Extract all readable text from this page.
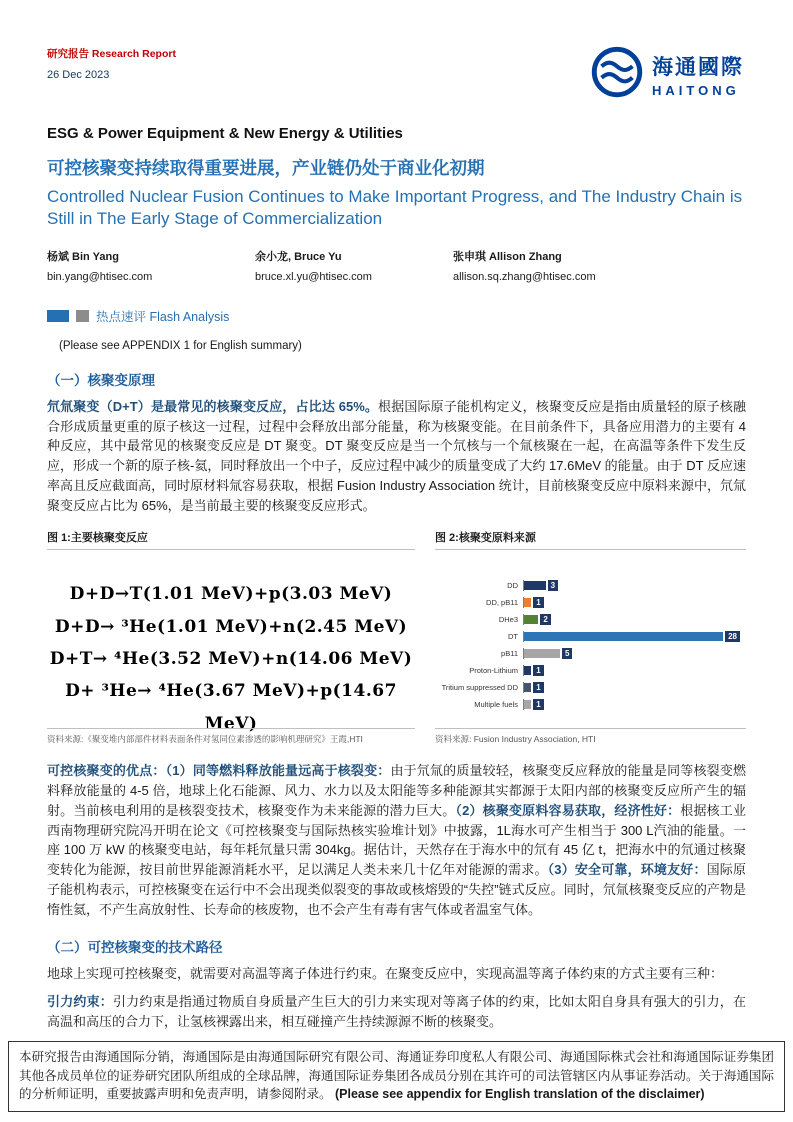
研究报告 Research Report
26 Dec 2023	海通國際
HAITONG
ESG & Power Equipment & New Energy & Utilities
可控核聚变持续取得重要进展，产业链仍处于商业化初期
Controlled Nuclear Fusion Continues to Make Important Progress, and The Industry Chain is Still in The Early Stage of Commercialization
杨斌 Bin Yang
bin.yang@htisec.com
余小龙, Bruce Yu
bruce.xl.yu@htisec.com
张申琪 Allison Zhang
allison.sq.zhang@htisec.com
热点速评 Flash Analysis
(Please see APPENDIX 1 for English summary)
（一）核聚变原理
氘氚聚变（D+T）是最常见的核聚变反应，占比达 65%。根据国际原子能机构定义，核聚变反应是指由质量轻的原子核融合形成质量更重的原子核这一过程，过程中会释放出部分能量，称为核聚变能。在目前条件下，具备应用潜力的主要有 4 种反应，其中最常见的核聚变反应是 DT 聚变。DT 聚变反应是当一个氘核与一个氚核聚在一起，在高温等条件下发生反应，形成一个新的原子核-氦，同时释放出一个中子，反应过程中减少的质量变成了大约 17.6MeV 的能量。由于 DT 反应速率高且反应截面高，同时原材料氚容易获取，根据 Fusion Industry Association 统计，目前核聚变反应中原料来源中，氘氚聚变反应占比为 65%，是当前最主要的核聚变反应形式。
图 1:主要核聚变反应	图 2:核聚变原料来源
D+D→T(1.01 MeV)+p(3.03 MeV)
D+D→ ³He(1.01 MeV)+n(2.45 MeV)
D+T→ ⁴He(3.52 MeV)+n(14.06 MeV)
D+ ³He→ ⁴He(3.67 MeV)+p(14.67 MeV)
DD	3
DD, pB11	1
DHe3	2
DT	28
pB11	5
Proton-Lithium	1
Tritium suppressed DD	1
Multiple fuels	1
资料来源:《聚变堆内部部件材料表面条件对氢同位素渗透的影响机理研究》王霞,HTI	资料来源: Fusion Industry Association, HTI
可控核聚变的优点：（1）同等燃料释放能量远高于核裂变：由于氘氚的质量较轻，核聚变反应释放的能量是同等核裂变燃料释放能量的 4-5 倍，地球上化石能源、风力、水力以及太阳能等多种能源其实都源于太阳内部的核聚变反应所产生的辐射。当前核电利用的是核裂变技术，核聚变作为未来能源的潜力巨大。（2）核聚变原料容易获取，经济性好：根据核工业西南物理研究院冯开明在论文《可控核聚变与国际热核实验堆计划》中披露，1L海水可产生相当于 300 L汽油的能量。一座 100 万 kW 的核聚变电站，每年耗氘量只需 304kg。据估计，天然存在于海水中的氘有 45 亿 t，把海水中的氘通过核聚变转化为能源，按目前世界能源消耗水平，足以满足人类未来几十亿年对能源的需求。（3）安全可靠，环境友好：国际原子能机构表示，可控核聚变在运行中不会出现类似裂变的事故或核熔毁的“失控”链式反应。同时，氘氚核聚变反应的产物是惰性氦，不产生高放射性、长寿命的核废物，也不会产生有毒有害气体或者温室气体。
（二）可控核聚变的技术路径
地球上实现可控核聚变，就需要对高温等离子体进行约束。在聚变反应中，实现高温等离子体约束的方式主要有三种：
引力约束：引力约束是指通过物质自身质量产生巨大的引力来实现对等离子体的约束，比如太阳自身具有强大的引力，在高温和高压的合力下，让氢核裸露出来，相互碰撞产生持续源源不断的核聚变。
本研究报告由海通国际分销，海通国际是由海通国际研究有限公司、海通证券印度私人有限公司、海通国际株式会社和海通国际证券集团其他各成员单位的证券研究团队所组成的全球品牌，海通国际证券集团各成员分别在其许可的司法管辖区内从事证券活动。关于海通国际的分析师证明，重要披露声明和免责声明，请参阅附录。 (Please see appendix for English translation of the disclaimer)
